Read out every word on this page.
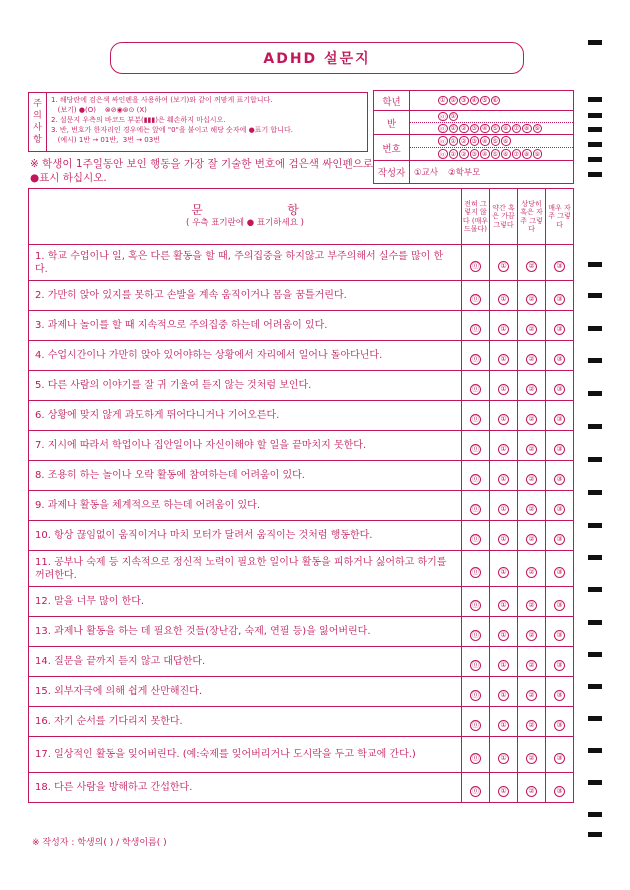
ADHD 설문지
주
의
사
항
1. 해당란에 검은색 싸인펜을 사용하여 (보기)와 같이 꺼맣게 표기합니다.
(보기) ●(O)    ⊗⊘◉⊛⊙ (X)
2. 설문지 우측의 바코드 부분(▮▮▮)은 훼손하지 마십시오.
3. 반, 번호가 한자리인 경우에는 앞에 "0"을 붙이고 해당 숫자에 ●표기 합니다.
(예시) 1반 → 01반,  3번 → 03번
※ 학생이 1주일동안 보인 행동을 가장 잘 기술한 번호에 검은색 싸인펜으로 ●표시 하십시오.
학년	① ② ③ ④ ⑤ ⑥
반
⓪ ①
⓪ ① ② ③ ④ ⑤ ⑥ ⑦ ⑧ ⑨
번호
⓪ ① ② ③ ④ ⑤ ⑥
⓪ ① ② ③ ④ ⑤ ⑥ ⑦ ⑧ ⑨
작성자	①교사 ②학부모
문 항
( 우측 표기란에 ● 표기하세요 )	전혀 그렇지 않다 (매우 드물다)	약간 혹은 가끔 그렇다	상당히 혹은 자주 그렇다	매우 자주 그렇다
1. 학교 수업이나 일, 혹은 다른 활동을 할 때, 주의집중을 하지않고 부주의해서 실수를 많이 한다.	⓪	①	②	③
2. 가만히 앉아 있지를 못하고 손발을 계속 움직이거나 몸을 꿈틀거린다.	⓪	①	②	③
3. 과제나 놀이를 할 때 지속적으로 주의집중 하는데 어려움이 있다.	⓪	①	②	③
4. 수업시간이나 가만히 앉아 있어야하는 상황에서 자리에서 일어나 돌아다닌다.	⓪	①	②	③
5. 다른 사람의 이야기를 잘 귀 기울여 듣지 않는 것처럼 보인다.	⓪	①	②	③
6. 상황에 맞지 않게 과도하게 뛰어다니거나 기어오른다.	⓪	①	②	③
7. 지시에 따라서 학업이나 집안일이나 자신이해야 할 일을 끝마치지 못한다.	⓪	①	②	③
8. 조용히 하는 놀이나 오락 활동에 참여하는데 어려움이 있다.	⓪	①	②	③
9. 과제나 활동을 체계적으로 하는데 어려움이 있다.	⓪	①	②	③
10. 항상 끊임없이 움직이거나 마치 모터가 달려서 움직이는 것처럼 행동한다.	⓪	①	②	③
11. 공부나 숙제 등 지속적으로 정신적 노력이 필요한 일이나 활동을 피하거나 싫어하고 하기를 꺼려한다.	⓪	①	②	③
12. 말을 너무 많이 한다.	⓪	①	②	③
13. 과제나 활동을 하는 데 필요한 것들(장난감, 숙제, 연필 등)을 잃어버린다.	⓪	①	②	③
14. 질문을 끝까지 듣지 않고 대답한다.	⓪	①	②	③
15. 외부자극에 의해 쉽게 산만해진다.	⓪	①	②	③
16. 자기 순서를 기다리지 못한다.	⓪	①	②	③
17. 일상적인 활동을 잊어버린다. (예:숙제를 잊어버리거나 도시락을 두고 학교에 간다.)	⓪	①	②	③
18. 다른 사람을 방해하고 간섭한다.	⓪	①	②	③
※ 작성자 : 학생의( ) / 학생이름( )
